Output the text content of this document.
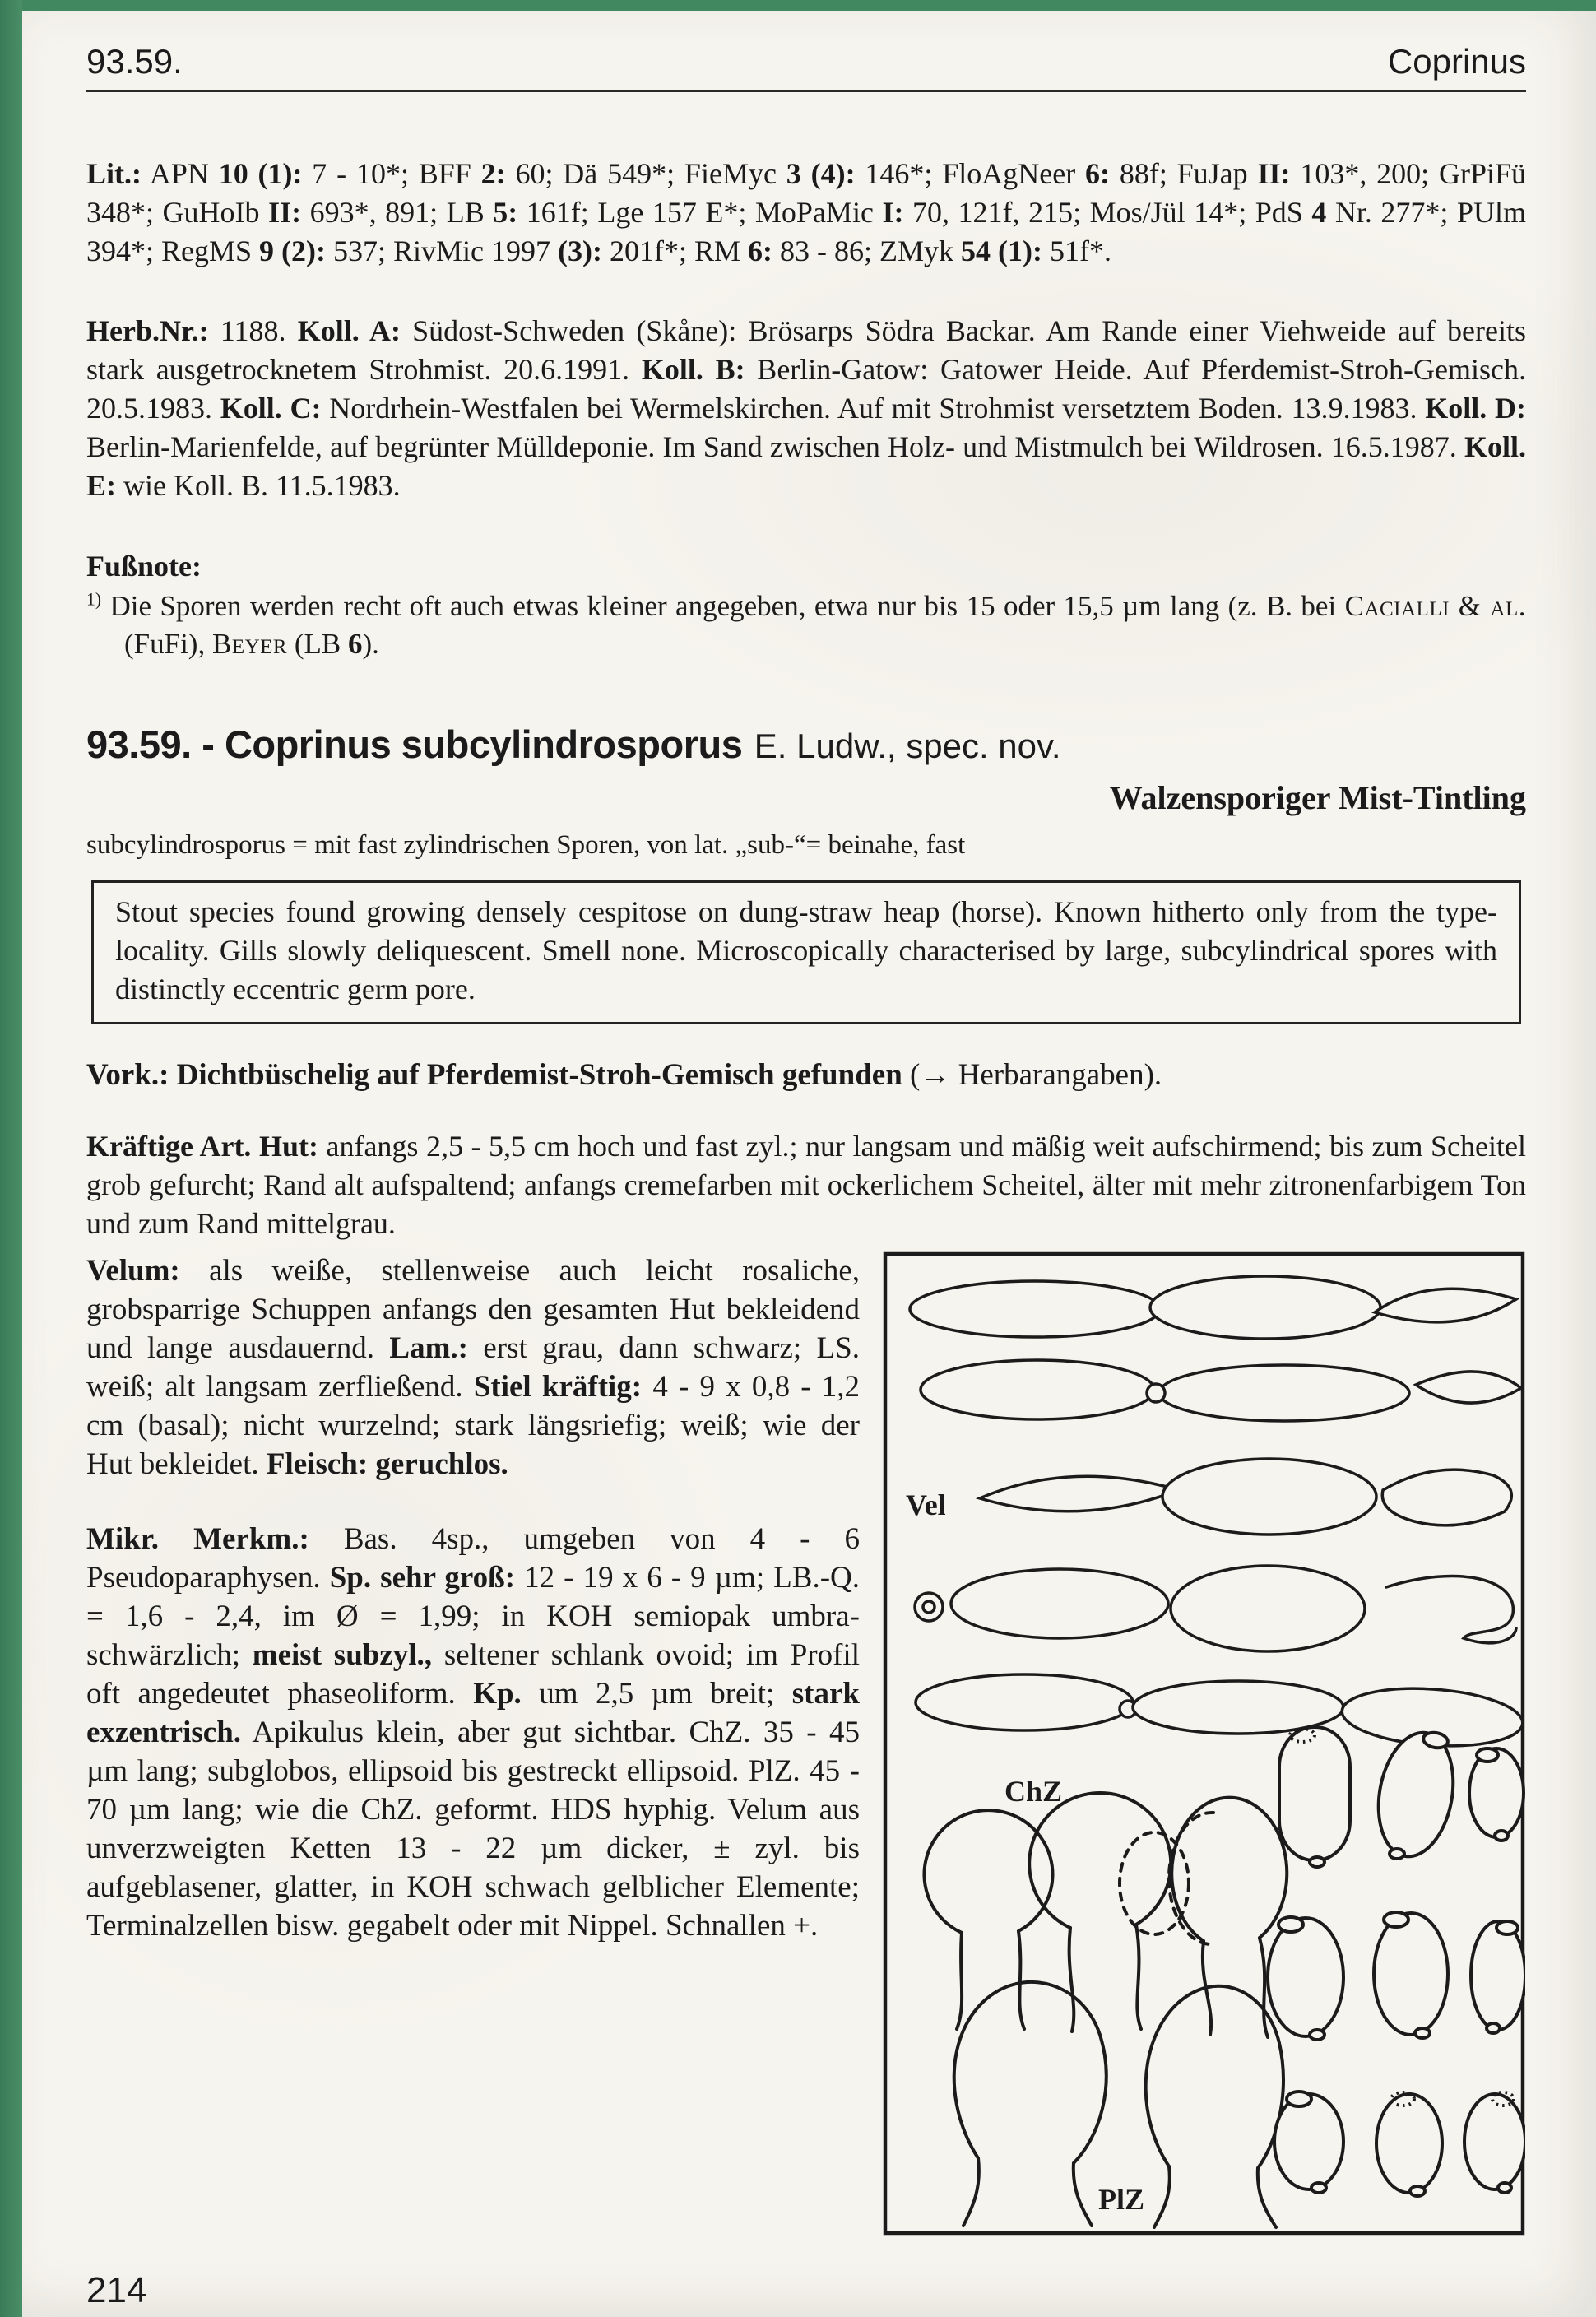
93.59.	Coprinus

Lit.: APN 10 (1): 7 - 10*; BFF 2: 60; Dä 549*; FieMyc 3 (4): 146*; FloAgNeer 6: 88f; FuJap II: 103*, 200; GrPiFü 348*; GuHoIb II: 693*, 891; LB 5: 161f; Lge 157 E*; MoPaMic I: 70, 121f, 215; Mos/Jül 14*; PdS 4 Nr. 277*; PUlm 394*; RegMS 9 (2): 537; RivMic 1997 (3): 201f*; RM 6: 83 - 86; ZMyk 54 (1): 51f*.

Herb.Nr.: 1188. Koll. A: Südost-Schweden (Skåne): Brösarps Södra Backar. Am Rande einer Viehweide auf bereits stark ausgetrocknetem Strohmist. 20.6.1991. Koll. B: Berlin-Gatow: Gatower Heide. Auf Pferdemist-Stroh-Gemisch. 20.5.1983. Koll. C: Nordrhein-Westfalen bei Wermelskirchen. Auf mit Strohmist versetztem Boden. 13.9.1983. Koll. D: Berlin-Marienfelde, auf begrünter Mülldeponie. Im Sand zwischen Holz- und Mistmulch bei Wildrosen. 16.5.1987. Koll. E: wie Koll. B. 11.5.1983.

Fußnote:

$^{1)}$ Die Sporen werden recht oft auch etwas kleiner angegeben, etwa nur bis 15 oder 15,5 µm lang (z. B. bei Cacialli & al. (FuFi), Beyer (LB 6).

93.59. - Coprinus subcylindrosporus E. Ludw., spec. nov.
Walzensporiger Mist-Tintling

subcylindrosporus = mit fast zylindrischen Sporen, von lat. „sub-“= beinahe, fast

Stout species found growing densely cespitose on dung-straw heap (horse). Known hitherto only from the type-locality. Gills slowly deliquescent. Smell none. Microscopically characterised by large, subcylindrical spores with distinctly eccentric germ pore.

Vork.: Dichtbüschelig auf Pferdemist-Stroh-Gemisch gefunden (→ Herbarangaben).

Kräftige Art. Hut: anfangs 2,5 - 5,5 cm hoch und fast zyl.; nur langsam und mäßig weit aufschirmend; bis zum Scheitel grob gefurcht; Rand alt aufspaltend; anfangs cremefarben mit ockerlichem Scheitel, älter mit mehr zitronenfarbigem Ton und zum Rand mittelgrau.

Velum: als weiße, stellenweise auch leicht rosaliche, grobsparrige Schuppen anfangs den gesamten Hut bekleidend und lange ausdauernd. Lam.: erst grau, dann schwarz; LS. weiß; alt langsam zerfließend. Stiel kräftig: 4 - 9 x 0,8 - 1,2 cm (basal); nicht wurzelnd; stark längsriefig; weiß; wie der Hut bekleidet. Fleisch: geruchlos.

Mikr. Merkm.: Bas. 4sp., umgeben von 4 - 6 Pseudoparaphysen. Sp. sehr groß: 12 - 19 x 6 - 9 µm; LB.-Q. = 1,6 - 2,4, im Ø = 1,99; in KOH semiopak umbra-schwärzlich; meist subzyl., seltener schlank ovoid; im Profil oft angedeutet phaseoliform. Kp. um 2,5 µm breit; stark exzentrisch. Apikulus klein, aber gut sichtbar. ChZ. 35 - 45 µm lang; subglobos, ellipsoid bis gestreckt ellipsoid. PlZ. 45 - 70 µm lang; wie die ChZ. geformt. HDS hyphig. Velum aus unverzweigten Ketten 13 - 22 µm dicker, ± zyl. bis aufgeblasener, glatter, in KOH schwach gelblicher Elemente; Terminalzellen bisw. gegabelt oder mit Nippel. Schnallen +.

Vel
ChZ
PlZ
214
